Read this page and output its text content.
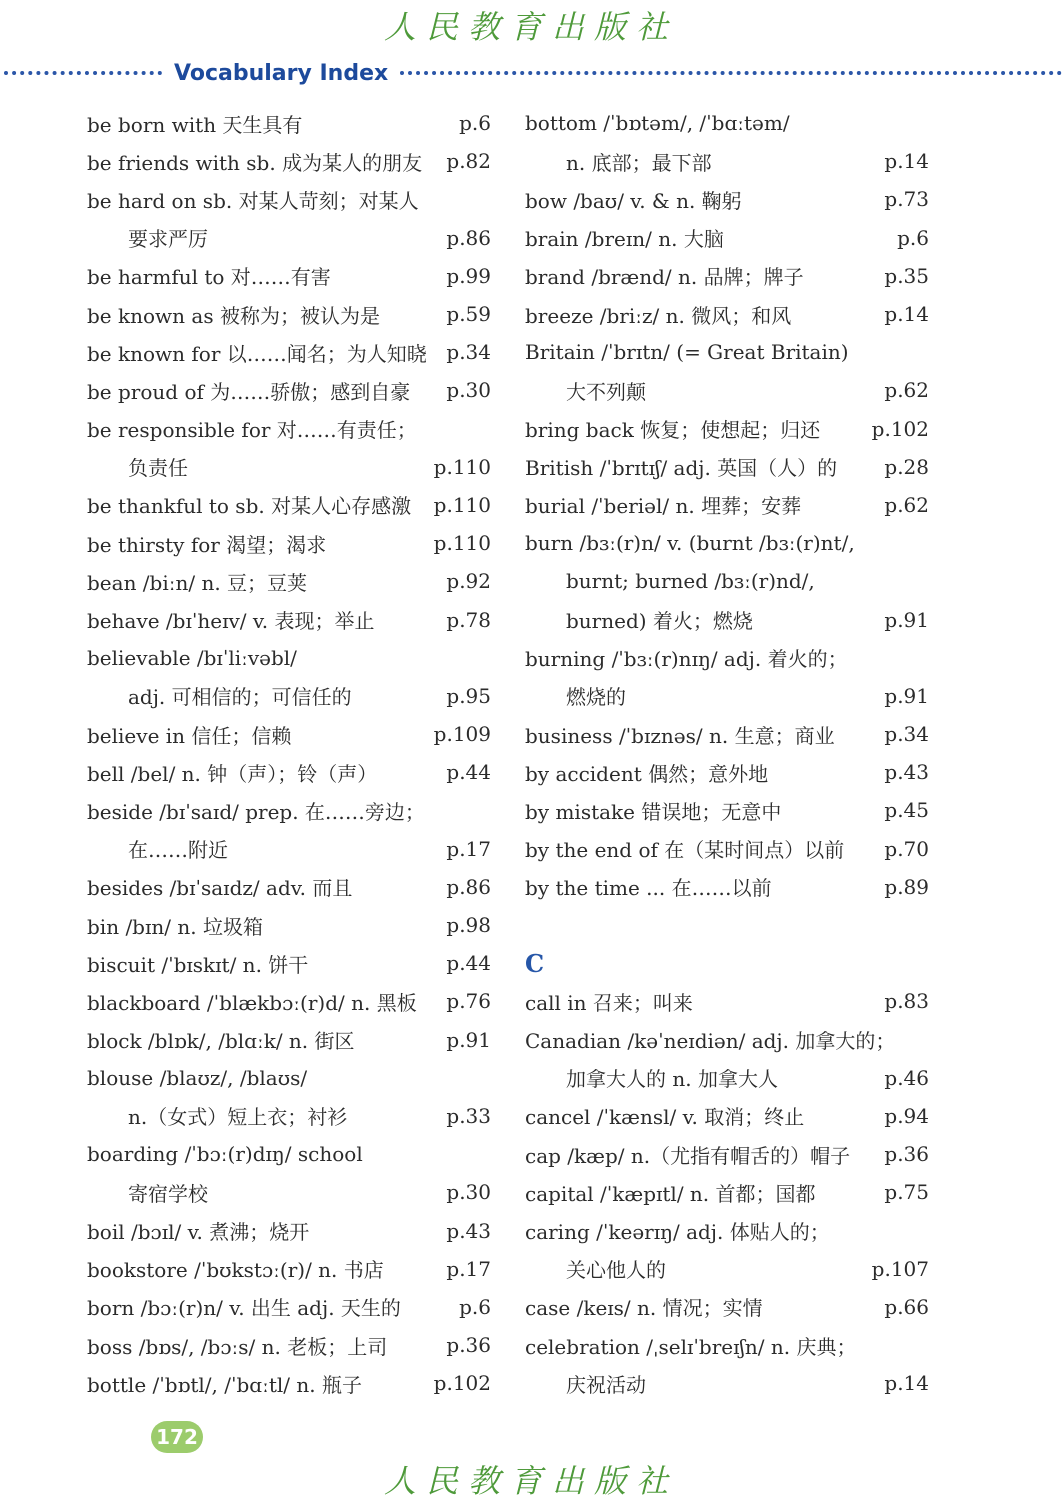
人民教育出版社
Vocabulary Index
be born with 天生具有	p.6
be friends with sb. 成为某人的朋友	p.82
be hard on sb. 对某人苛刻；对某人
要求严厉	p.86
be harmful to 对……有害	p.99
be known as 被称为；被认为是	p.59
be known for 以……闻名；为人知晓 p.34
be proud of 为……骄傲；感到自豪	p.30
be responsible for 对……有责任；
负责任	p.110
be thankful to sb. 对某人心存感激	p.110
be thirsty for 渴望；渴求	p.110
bean /biːn/ n. 豆；豆荚	p.92
behave /bɪˈheɪv/ v. 表现；举止	p.78
believable /bɪˈliːvəbl/
adj. 可相信的；可信任的	p.95
believe in 信任；信赖	p.109
bell /bel/ n. 钟（声）；铃（声）	p.44
beside /bɪˈsaɪd/ prep. 在……旁边；
在……附近	p.17
besides /bɪˈsaɪdz/ adv. 而且	p.86
bin /bɪn/ n. 垃圾箱	p.98
biscuit /ˈbɪskɪt/ n. 饼干	p.44
blackboard /ˈblækbɔː(r)d/ n. 黑板	p.76
block /blɒk/, /blɑːk/ n. 街区	p.91
blouse /blaʊz/, /blaʊs/
n.（女式）短上衣；衬衫	p.33
boarding /ˈbɔː(r)dɪŋ/ school
寄宿学校	p.30
boil /bɔɪl/ v. 煮沸；烧开	p.43
bookstore /ˈbʊkstɔː(r)/ n. 书店	p.17
born /bɔː(r)n/ v. 出生 adj. 天生的	p.6
boss /bɒs/, /bɔːs/ n. 老板；上司	p.36
bottle /ˈbɒtl/, /ˈbɑːtl/ n. 瓶子	p.102
bottom /ˈbɒtəm/, /ˈbɑːtəm/
n. 底部；最下部	p.14
bow /baʊ/ v. & n. 鞠躬	p.73
brain /breɪn/ n. 大脑	p.6
brand /brænd/ n. 品牌；牌子	p.35
breeze /briːz/ n. 微风；和风	p.14
Britain /ˈbrɪtn/ (= Great Britain)
大不列颠	p.62
bring back 恢复；使想起；归还	p.102
British /ˈbrɪtɪʃ/ adj. 英国（人）的	p.28
burial /ˈberiəl/ n. 埋葬；安葬	p.62
burn /bɜː(r)n/ v. (burnt /bɜː(r)nt/,
burnt; burned /bɜː(r)nd/,
burned) 着火；燃烧	p.91
burning /ˈbɜː(r)nɪŋ/ adj. 着火的；
燃烧的	p.91
business /ˈbɪznəs/ n. 生意；商业	p.34
by accident 偶然；意外地	p.43
by mistake 错误地；无意中	p.45
by the end of 在（某时间点）以前	p.70
by the time ... 在……以前	p.89
C
call in 召来；叫来	p.83
Canadian /kəˈneɪdiən/ adj. 加拿大的；
加拿大人的 n. 加拿大人	p.46
cancel /ˈkænsl/ v. 取消；终止	p.94
cap /kæp/ n.（尤指有帽舌的）帽子	p.36
capital /ˈkæpɪtl/ n. 首都；国都	p.75
caring /ˈkeərɪŋ/ adj. 体贴人的；
关心他人的	p.107
case /keɪs/ n. 情况；实情	p.66
celebration /ˌselɪˈbreɪʃn/ n. 庆典；
庆祝活动	p.14
172
人民教育出版社
